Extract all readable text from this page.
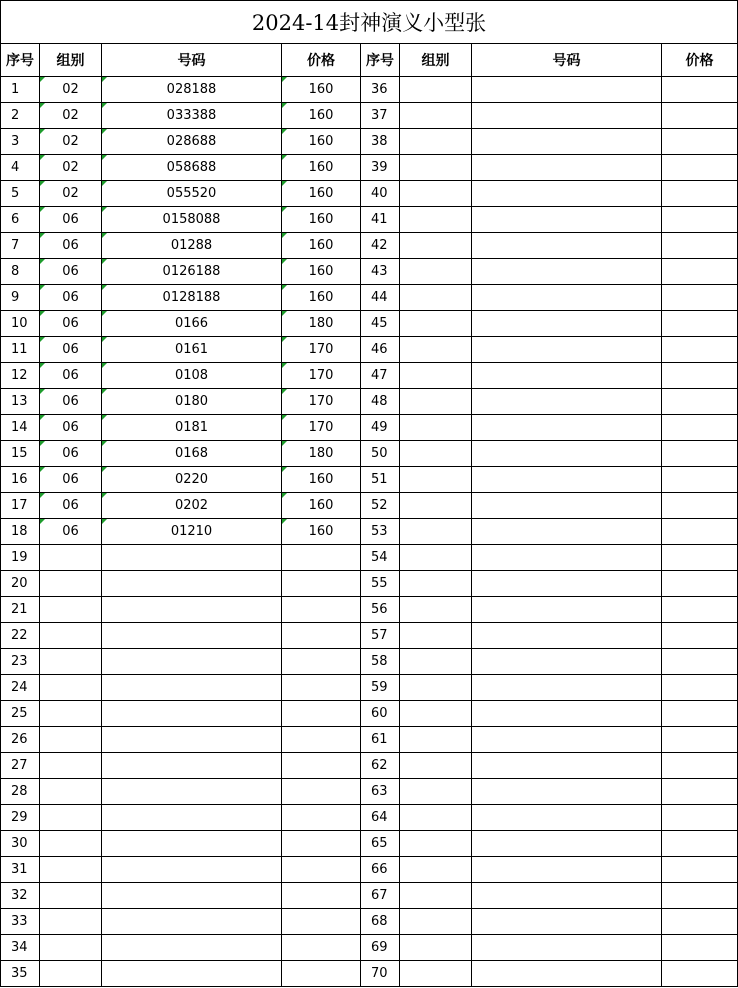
2024-14封神演义小型张							
序号	组别	号码	价格	序号	组别	号码	价格
1	02	028188	160	36			
2	02	033388	160	37			
3	02	028688	160	38			
4	02	058688	160	39			
5	02	055520	160	40			
6	06	0158088	160	41			
7	06	01288	160	42			
8	06	0126188	160	43			
9	06	0128188	160	44			
10	06	0166	180	45			
11	06	0161	170	46			
12	06	0108	170	47			
13	06	0180	170	48			
14	06	0181	170	49			
15	06	0168	180	50			
16	06	0220	160	51			
17	06	0202	160	52			
18	06	01210	160	53			
19				54			
20				55			
21				56			
22				57			
23				58			
24				59			
25				60			
26				61			
27				62			
28				63			
29				64			
30				65			
31				66			
32				67			
33				68			
34				69			
35				70			
